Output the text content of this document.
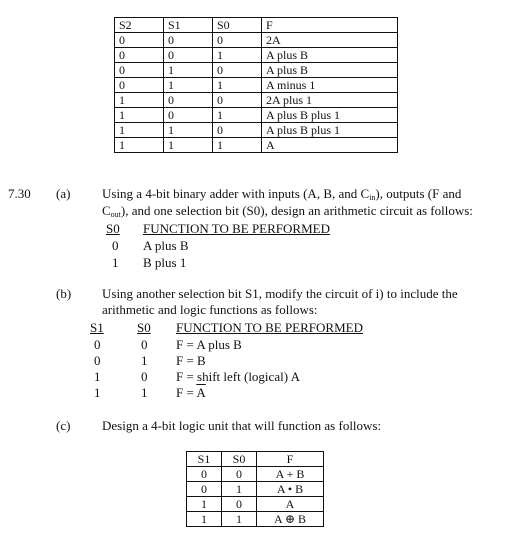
S2	S1	S0	F
0	0	0	2A
0	0	1	A plus $\overline{B}$
0	1	0	A plus B
0	1	1	A minus 1
1	0	0	2A plus 1
1	0	1	A plus $\overline{B}$ plus 1
1	1	0	A plus B plus 1
1	1	1	A
7.30 (a) Using a 4-bit binary adder with inputs (A, B, and Cin), outputs (F and
Cout), and one selection bit (S0), design an arithmetic circuit as follows:
S0 FUNCTION TO BE PERFORMED
0 A plus B
1 B plus 1
(b) Using another selection bit S1, modify the circuit of i) to include the
arithmetic and logic functions as follows:
S1	S0 FUNCTION TO BE PERFORMED
0	0 F = A plus B
0	1 F = B
1	0 F = shift left (logical) A
1	1 $F = \overline{A}$
(c) Design a 4-bit logic unit that will function as follows:
S1	S0	F
0	0	A + B
0	1	A • B
1	0	$\overline{A}$
1	1	A ⊕ B
